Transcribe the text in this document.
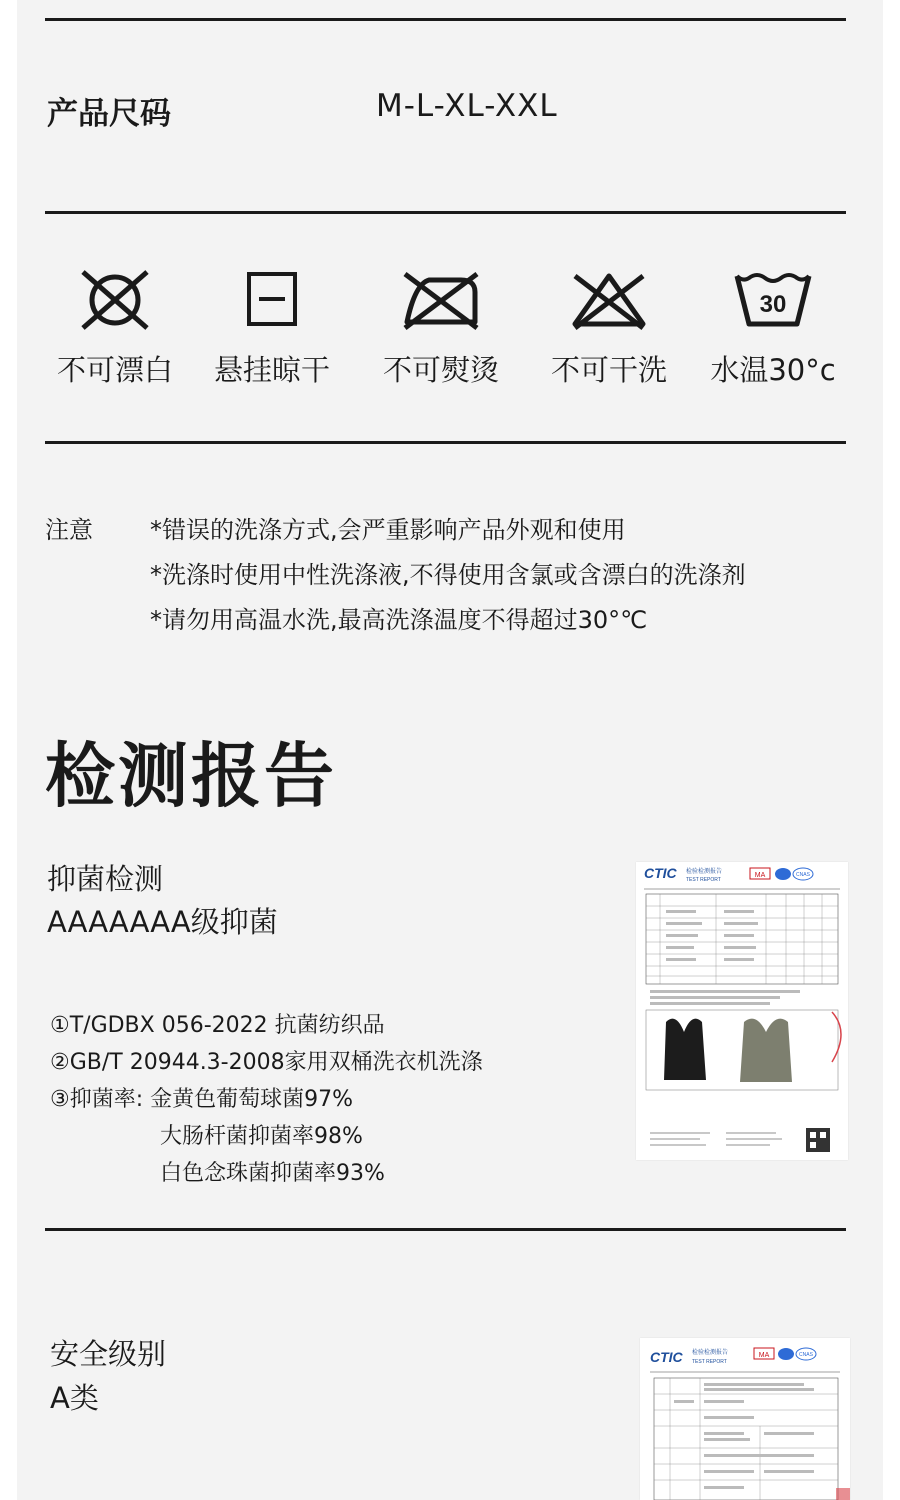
产品尺码	M-L-XL-XXL
不可漂白	悬挂晾干	不可熨烫	不可干洗
30
水温30°c
注意 *错误的洗涤方式,会严重影响产品外观和使用
*洗涤时使用中性洗涤液,不得使用含氯或含漂白的洗涤剂
*请勿用高温水洗,最高洗涤温度不得超过30°℃
检测报告
抑菌检测
AAAAAAA级抑菌
①T/GDBX 056-2022 抗菌纺织品
②GB/T 20944.3-2008家用双桶洗衣机洗涤
③抑菌率: 金黄色葡萄球菌97%
大肠杆菌抑菌率98%
白色念珠菌抑菌率93%
CTIC 检验检测报告
TEST REPORT
MA	CNAS
安全级别
A类
CTIC 检验检测报告
TEST REPORT
MA	CNAS
